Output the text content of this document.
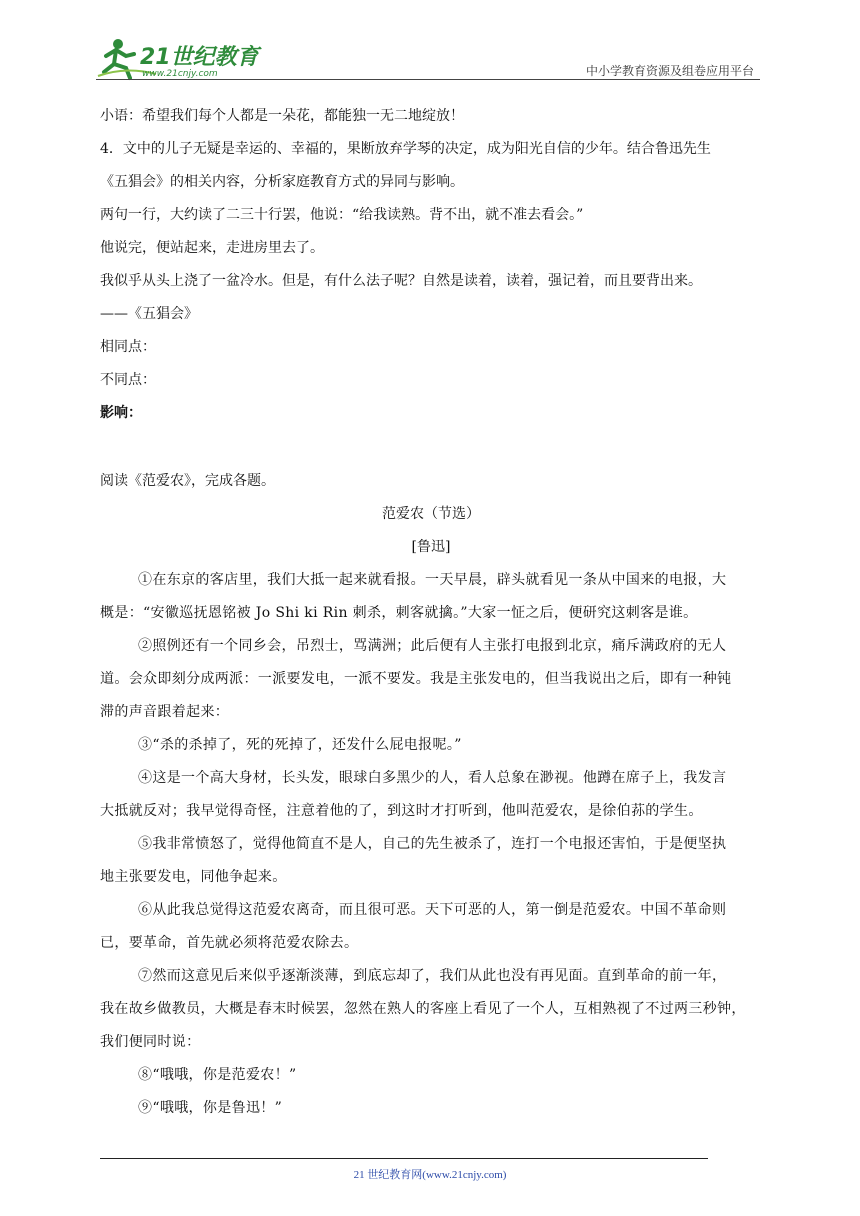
21世纪教育
www.21cnjy.com	中小学教育资源及组卷应用平台
小语：希望我们每个人都是一朵花，都能独一无二地绽放！
4．文中的儿子无疑是幸运的、幸福的，果断放弃学琴的决定，成为阳光自信的少年。结合鲁迅先生
《五猖会》的相关内容，分析家庭教育方式的异同与影响。
两句一行，大约读了二三十行罢，他说：“给我读熟。背不出，就不准去看会。”
他说完，便站起来，走进房里去了。
我似乎从头上浇了一盆冷水。但是，有什么法子呢？自然是读着，读着，强记着，而且要背出来。
——《五猖会》
相同点：
不同点：
影响：
阅读《范爱农》，完成各题。
范爱农（节选）
[鲁迅]
①在东京的客店里，我们大抵一起来就看报。一天早晨，辟头就看见一条从中国来的电报，大
概是：“安徽巡抚恩铭被 Jo Shi ki Rin 刺杀，刺客就擒。”大家一怔之后，便研究这刺客是谁。
②照例还有一个同乡会，吊烈士，骂满洲；此后便有人主张打电报到北京，痛斥满政府的无人
道。会众即刻分成两派：一派要发电，一派不要发。我是主张发电的，但当我说出之后，即有一种钝
滞的声音跟着起来：
③“杀的杀掉了，死的死掉了，还发什么屁电报呢。”
④这是一个高大身材，长头发，眼球白多黑少的人，看人总象在渺视。他蹲在席子上，我发言
大抵就反对；我早觉得奇怪，注意着他的了，到这时才打听到，他叫范爱农，是徐伯荪的学生。
⑤我非常愤怒了，觉得他简直不是人，自己的先生被杀了，连打一个电报还害怕，于是便坚执
地主张要发电，同他争起来。
⑥从此我总觉得这范爱农离奇，而且很可恶。天下可恶的人，第一倒是范爱农。中国不革命则
已，要革命，首先就必须将范爱农除去。
⑦然而这意见后来似乎逐渐淡薄，到底忘却了，我们从此也没有再见面。直到革命的前一年，
我在故乡做教员，大概是春末时候罢，忽然在熟人的客座上看见了一个人，互相熟视了不过两三秒钟，
我们便同时说：
⑧“哦哦，你是范爱农！”
⑨“哦哦，你是鲁迅！”
21 世纪教育网(www.21cnjy.com)
